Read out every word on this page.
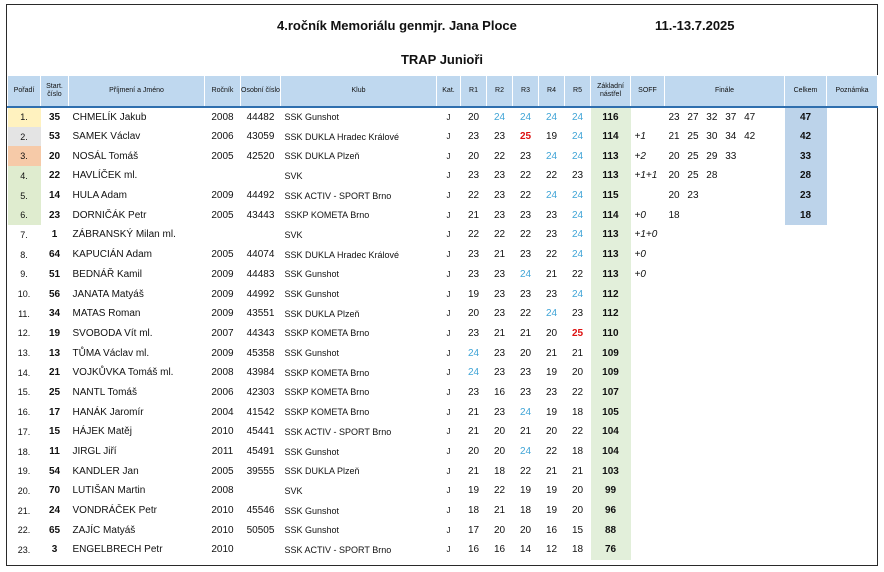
4.ročník Memoriálu genmjr. Jana Ploce	11.-13.7.2025
TRAP Junioři
Pořadí	Start. číslo	Příjmení a Jméno	Ročník	Osobní číslo	Klub	Kat.	R1	R2	R3	R4	R5	Základní nástřel	SOFF	Finále	Celkem	Poznámka
1.	35	CHMELÍK Jakub	2008	44482	SSK Gunshot	J	20	24	24	24	24	116		23 27 32 37 47	47	
2.	53	SAMEK Václav	2006	43059	SSK DUKLA Hradec Králové	J	23	23	25	19	24	114	+1	21 25 30 34 42	42	
3.	20	NOSÁL Tomáš	2005	42520	SSK DUKLA Plzeň	J	20	22	23	24	24	113	+2	20 25 29 33	33	
4.	22	HAVLÍČEK ml.			SVK	J	23	23	22	22	23	113	+1+1	20 25 28	28	
5.	14	HULA Adam	2009	44492	SSK ACTIV - SPORT Brno	J	22	23	22	24	24	115		20 23	23	
6.	23	DORNIČÁK Petr	2005	43443	SSKP KOMETA Brno	J	21	23	23	23	24	114	+0	18	18	
7.	1	ZÁBRANSKÝ Milan ml.			SVK	J	22	22	22	23	24	113	+1+0			
8.	64	KAPUCIÁN Adam	2005	44074	SSK DUKLA Hradec Králové	J	23	21	23	22	24	113	+0			
9.	51	BEDNÁŘ Kamil	2009	44483	SSK Gunshot	J	23	23	24	21	22	113	+0			
10.	56	JANATA Matyáš	2009	44992	SSK Gunshot	J	19	23	23	23	24	112				
11.	34	MATAS Roman	2009	43551	SSK DUKLA Plzeň	J	20	23	22	24	23	112				
12.	19	SVOBODA Vít ml.	2007	44343	SSKP KOMETA Brno	J	23	21	21	20	25	110				
13.	13	TŮMA Václav ml.	2009	45358	SSK Gunshot	J	24	23	20	21	21	109				
14.	21	VOJKŮVKA Tomáš ml.	2008	43984	SSKP KOMETA Brno	J	24	23	23	19	20	109				
15.	25	NANTL Tomáš	2006	42303	SSKP KOMETA Brno	J	23	16	23	23	22	107				
16.	17	HANÁK Jaromír	2004	41542	SSKP KOMETA Brno	J	21	23	24	19	18	105				
17.	15	HÁJEK Matěj	2010	45441	SSK ACTIV - SPORT Brno	J	21	20	21	20	22	104				
18.	11	JIRGL Jiří	2011	45491	SSK Gunshot	J	20	20	24	22	18	104				
19.	54	KANDLER Jan	2005	39555	SSK DUKLA Plzeň	J	21	18	22	21	21	103				
20.	70	LUTIŠAN Martin	2008		SVK	J	19	22	19	19	20	99				
21.	24	VONDRÁČEK Petr	2010	45546	SSK Gunshot	J	18	21	18	19	20	96				
22.	65	ZAJÍC Matyáš	2010	50505	SSK Gunshot	J	17	20	20	16	15	88				
23.	3	ENGELBRECH Petr	2010		SSK ACTIV - SPORT Brno	J	16	16	14	12	18	76				
